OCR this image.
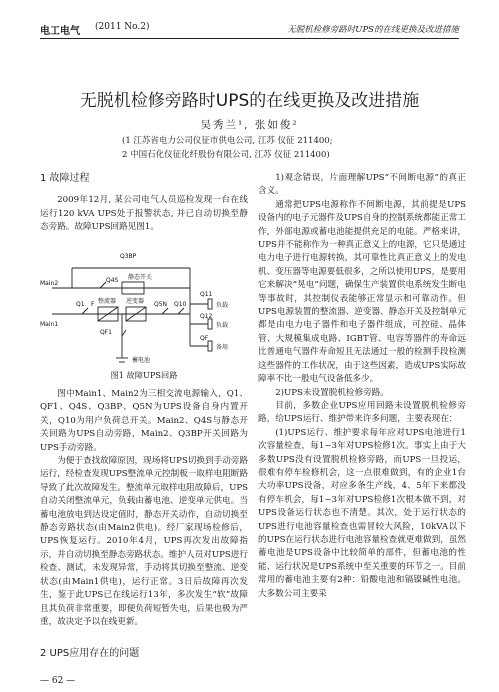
电工电气 (2011 No.2)	无脱机检修旁路时UPS的在线更换及改进措施
无脱机检修旁路时UPS的在线更换及改进措施
吴秀兰¹, 张如俊²
(1 江苏省电力公司仪征市供电公司, 江苏 仪征 211400;
2 中国石化仪征化纤股份有限公司, 江苏 仪征 211400)
1 故障过程

2009年12月, 某公司电气人员巡检发现一台在线运行120 kVA UPS处于报警状态, 并已自动切换至静态旁路。故障UPS回路见图1。

Q3BP
Q4S 静态开关
Main2
Main1
Q1 F 整流器 逆变器 Q5N Q10
Q11
Q12
QF
QF1
负载
负载
备用
蓄电池
图1 故障UPS回路

图中Main1、Main2为三相交流电源输入，Q1、QF1、Q4S、Q3BP、Q5N为UPS设备自身内置开关，Q10为用户负荷总开关。Main2、Q4S与静态开关回路为UPS自动旁路，Main2、Q3BP开关回路为UPS手动旁路。

为便于查找故障原因，现场将UPS切换到手动旁路运行，经检查发现UPS整流单元控制板一取样电阻断路导致了此次故障发生。整流单元取样电阻故障后，UPS自动关闭整流单元，负载由蓄电池、逆变单元供电。当蓄电池放电到达设定值时，静态开关动作，自动切换至静态旁路状态(由Main2供电)。经厂家现场检修后，UPS恢复运行。2010年4月，UPS再次发出故障指示，并自动切换至静态旁路状态。维护人员对UPS进行检查、测试，未发现异常，手动将其切换至整流、逆变状态(由Main1供电)，运行正常。3日后故障再次发生，鉴于此UPS已在线运行13年，多次发生“软”故障且其负荷非常重要，即便负荷短暂失电，后果也极为严重，故决定予以在线更新。

2 UPS应用存在的问题

1)观念错误，片面理解UPS“不间断电源”的真正含义。

通常把UPS电源称作不间断电源，其前提是UPS设备内的电子元器件及UPS自身的控制系统都能正常工作，外部电源或蓄电池能提供充足的电能。严格来讲，UPS并不能称作为一种真正意义上的电源，它只是通过电力电子进行电源转换，其可靠性比真正意义上的发电机、变压器等电源要低很多，之所以使用UPS，是要用它来解决“晃电”问题，确保生产装置供电系统发生断电等事故时，其控制仪表能够正常显示和可靠动作。但UPS电源装置的整流器、逆变器、静态开关及控制单元都是由电力电子器件和电子器件组成，可控硅、晶体管、大规模集成电路、IGBT管、电容等器件的寿命远比普通电气器件寿命短且无法通过一般的检测手段检测这些器件的工作状况，由于这些因素，造成UPS实际故障率不比一般电气设备低多少。

2)UPS未设置脱机检修旁路。

目前，多数企业UPS应用回路未设置脱机检修旁路，给UPS运行、维护带来许多问题，主要表现在：

(1)UPS运行、维护要求每年应对UPS电池进行1次容量检查，每1~3年对UPS检修1次。事实上由于大多数UPS没有设置脱机检修旁路，而UPS一旦投运，很难有停车检修机会，这一点很难做到，有的企业1台大功率UPS设备，对应多条生产线，4、5年下来都没有停车机会，每1~3年对UPS检修1次根本做不到，对UPS设备运行状态也不清楚。其次，处于运行状态的UPS进行电池容量检查也需冒较大风险，10kVA以下的UPS在运行状态进行电池容量检查就更难做到，虽然蓄电池是UPS设备中比较简单的部件，但蓄电池的性能、运行状况是UPS系统中至关重要的环节之一。目前常用的蓄电池主要有2种：铅酸电池和镉镍碱性电池。大多数公司主要采

— 62 —
